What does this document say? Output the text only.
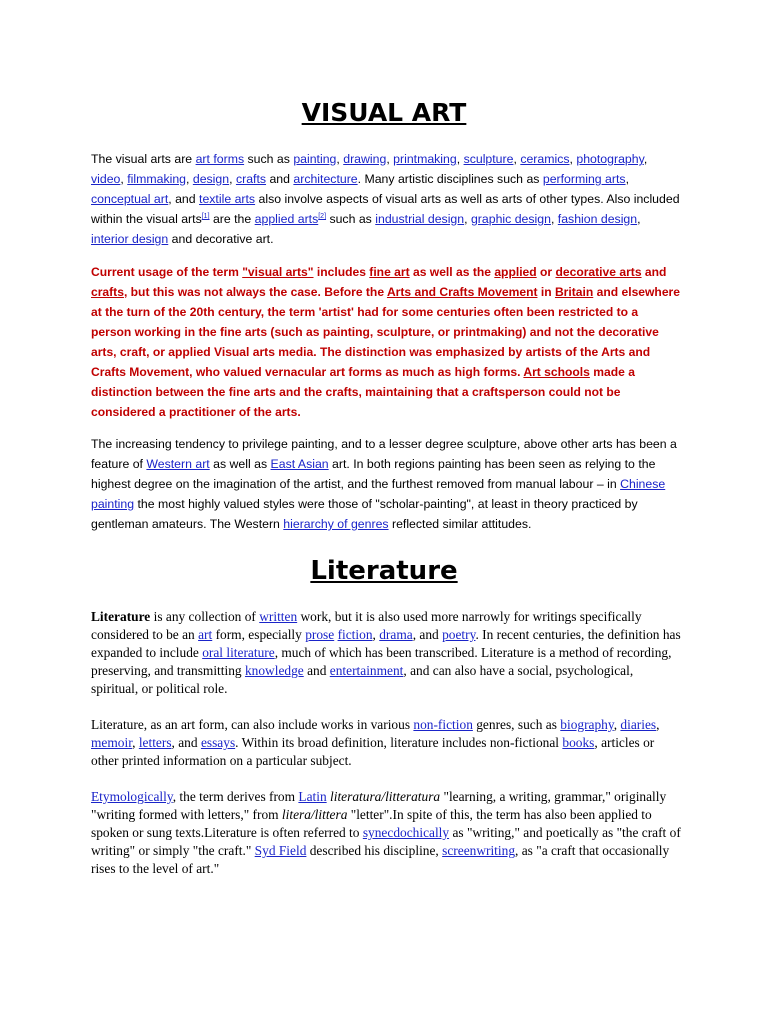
VISUAL ART

The visual arts are art forms such as painting, drawing, printmaking, sculpture, ceramics, photography, video, filmmaking, design, crafts and architecture. Many artistic disciplines such as performing arts, conceptual art, and textile arts also involve aspects of visual arts as well as arts of other types. Also included within the visual arts[1] are the applied arts[2] such as industrial design, graphic design, fashion design, interior design and decorative art.

Current usage of the term "visual arts" includes fine art as well as the applied or decorative arts and crafts, but this was not always the case. Before the Arts and Crafts Movement in Britain and elsewhere at the turn of the 20th century, the term 'artist' had for some centuries often been restricted to a person working in the fine arts (such as painting, sculpture, or printmaking) and not the decorative arts, craft, or applied Visual arts media. The distinction was emphasized by artists of the Arts and Crafts Movement, who valued vernacular art forms as much as high forms. Art schools made a distinction between the fine arts and the crafts, maintaining that a craftsperson could not be considered a practitioner of the arts.

The increasing tendency to privilege painting, and to a lesser degree sculpture, above other arts has been a feature of Western art as well as East Asian art. In both regions painting has been seen as relying to the highest degree on the imagination of the artist, and the furthest removed from manual labour – in Chinese painting the most highly valued styles were those of "scholar-painting", at least in theory practiced by gentleman amateurs. The Western hierarchy of genres reflected similar attitudes.

Literature

Literature is any collection of written work, but it is also used more narrowly for writings specifically considered to be an art form, especially prose fiction, drama, and poetry. In recent centuries, the definition has expanded to include oral literature, much of which has been transcribed. Literature is a method of recording, preserving, and transmitting knowledge and entertainment, and can also have a social, psychological, spiritual, or political role.

Literature, as an art form, can also include works in various non-fiction genres, such as biography, diaries, memoir, letters, and essays. Within its broad definition, literature includes non-fictional books, articles or other printed information on a particular subject.

Etymologically, the term derives from Latin literatura/litteratura "learning, a writing, grammar," originally "writing formed with letters," from litera/littera "letter".In spite of this, the term has also been applied to spoken or sung texts.Literature is often referred to synecdochically as "writing," and poetically as "the craft of writing" or simply "the craft." Syd Field described his discipline, screenwriting, as "a craft that occasionally rises to the level of art."
